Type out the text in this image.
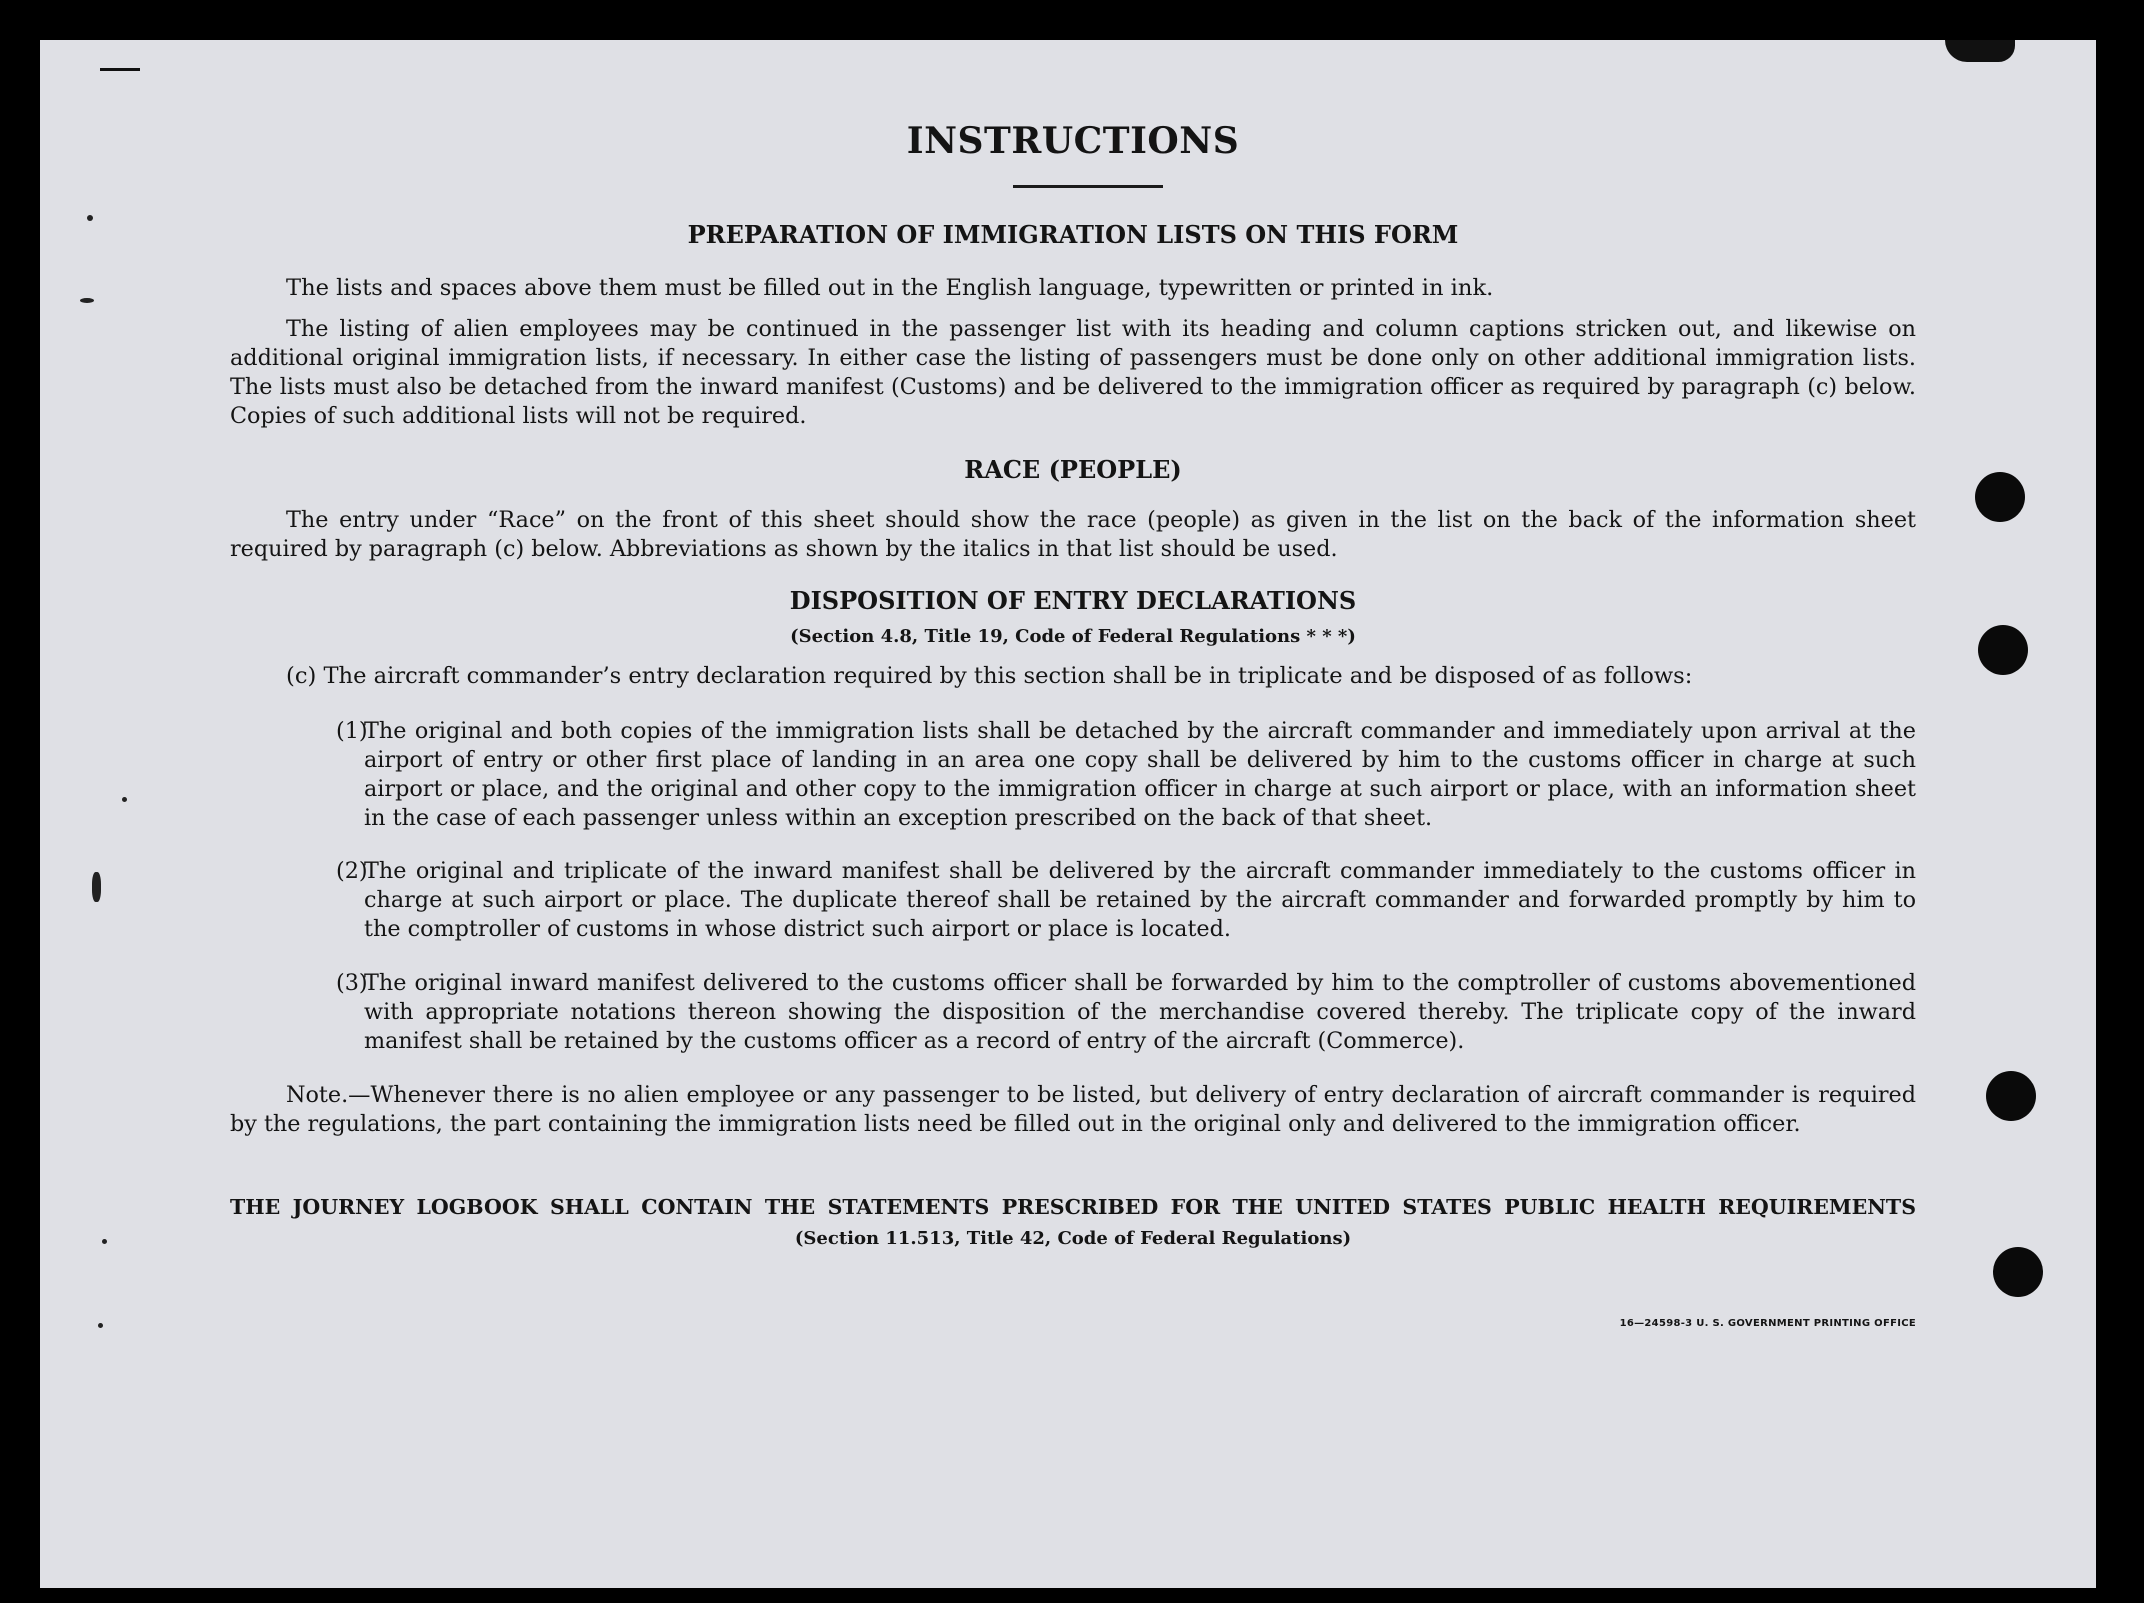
INSTRUCTIONS
PREPARATION OF IMMIGRATION LISTS ON THIS FORM
The lists and spaces above them must be filled out in the English language, typewritten or printed in ink.
The listing of alien employees may be continued in the passenger list with its heading and column captions stricken out, and likewise on additional original immigration lists, if necessary. In either case the listing of passengers must be done only on other additional immigration lists. The lists must also be detached from the inward manifest (Customs) and be delivered to the immigration officer as required by paragraph (c) below. Copies of such additional lists will not be required.
RACE (PEOPLE)
The entry under “Race” on the front of this sheet should show the race (people) as given in the list on the back of the information sheet required by paragraph (c) below. Abbreviations as shown by the italics in that list should be used.
DISPOSITION OF ENTRY DECLARATIONS
(Section 4.8, Title 19, Code of Federal Regulations * * *)
(c) The aircraft commander’s entry declaration required by this section shall be in triplicate and be disposed of as follows:
(1)
The original and both copies of the immigration lists shall be detached by the aircraft commander and immediately upon arrival at the airport of entry or other first place of landing in an area one copy shall be delivered by him to the customs officer in charge at such airport or place, and the original and other copy to the immigration officer in charge at such airport or place, with an information sheet in the case of each passenger unless within an exception prescribed on the back of that sheet.
(2)
The original and triplicate of the inward manifest shall be delivered by the aircraft commander immediately to the customs officer in charge at such airport or place. The duplicate thereof shall be retained by the aircraft commander and forwarded promptly by him to the comptroller of customs in whose district such airport or place is located.
(3)
The original inward manifest delivered to the customs officer shall be forwarded by him to the comptroller of customs abovementioned with appropriate notations thereon showing the disposition of the merchandise covered thereby. The triplicate copy of the inward manifest shall be retained by the customs officer as a record of entry of the aircraft (Commerce).
Note.—Whenever there is no alien employee or any passenger to be listed, but delivery of entry declaration of aircraft commander is required by the regulations, the part containing the immigration lists need be filled out in the original only and delivered to the immigration officer.
THE JOURNEY LOGBOOK SHALL CONTAIN THE STATEMENTS PRESCRIBED FOR THE UNITED STATES PUBLIC HEALTH REQUIREMENTS
(Section 11.513, Title 42, Code of Federal Regulations)
16—24598-3 U. S. GOVERNMENT PRINTING OFFICE
